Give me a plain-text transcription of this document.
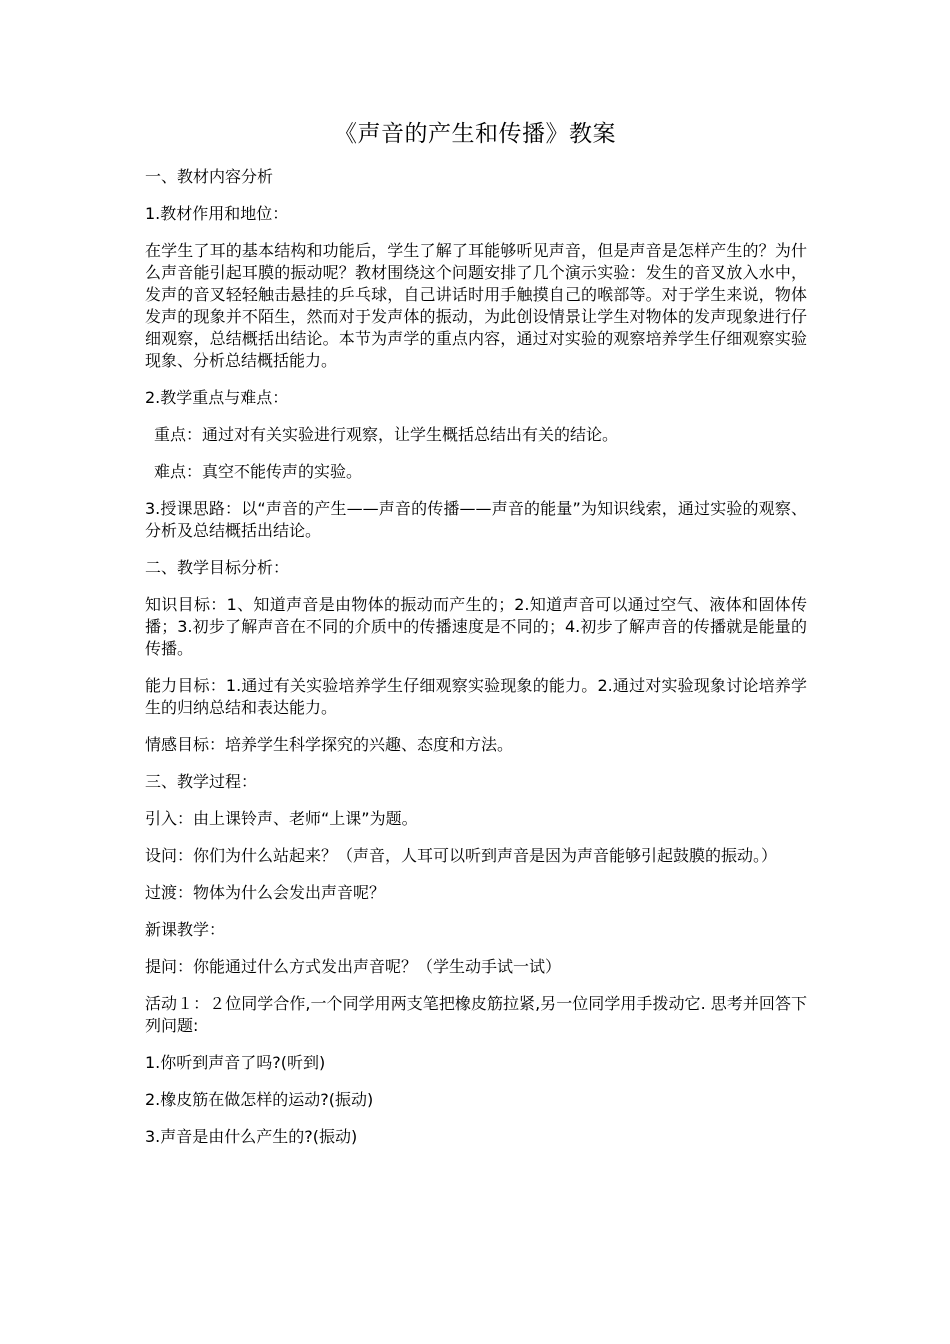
《声音的产生和传播》教案

一、教材内容分析

1.教材作用和地位：

在学生了耳的基本结构和功能后，学生了解了耳能够听见声音，但是声音是怎样产生的？为什么声音能引起耳膜的振动呢？教材围绕这个问题安排了几个演示实验：发生的音叉放入水中，发声的音叉轻轻触击悬挂的乒乓球，自己讲话时用手触摸自己的喉部等。对于学生来说，物体发声的现象并不陌生，然而对于发声体的振动，为此创设情景让学生对物体的发声现象进行仔细观察，总结概括出结论。本节为声学的重点内容，通过对实验的观察培养学生仔细观察实验现象、分析总结概括能力。

2.教学重点与难点：

重点：通过对有关实验进行观察，让学生概括总结出有关的结论。

难点：真空不能传声的实验。

3.授课思路：以“声音的产生——声音的传播——声音的能量”为知识线索，通过实验的观察、分析及总结概括出结论。

二、教学目标分析：

知识目标：1、知道声音是由物体的振动而产生的；2.知道声音可以通过空气、液体和固体传播；3.初步了解声音在不同的介质中的传播速度是不同的；4.初步了解声音的传播就是能量的传播。

能力目标：1.通过有关实验培养学生仔细观察实验现象的能力。2.通过对实验现象讨论培养学生的归纳总结和表达能力。

情感目标：培养学生科学探究的兴趣、态度和方法。

三、教学过程：

引入：由上课铃声、老师“上课”为题。

设问：你们为什么站起来？（声音，人耳可以听到声音是因为声音能够引起鼓膜的振动。）

过渡：物体为什么会发出声音呢？

新课教学：

提问：你能通过什么方式发出声音呢？（学生动手试一试）

活动１：２位同学合作,一个同学用两支笔把橡皮筋拉紧,另一位同学用手拨动它. 思考并回答下列问题:

1.你听到声音了吗?(听到)

2.橡皮筋在做怎样的运动?(振动)

3.声音是由什么产生的?(振动)
